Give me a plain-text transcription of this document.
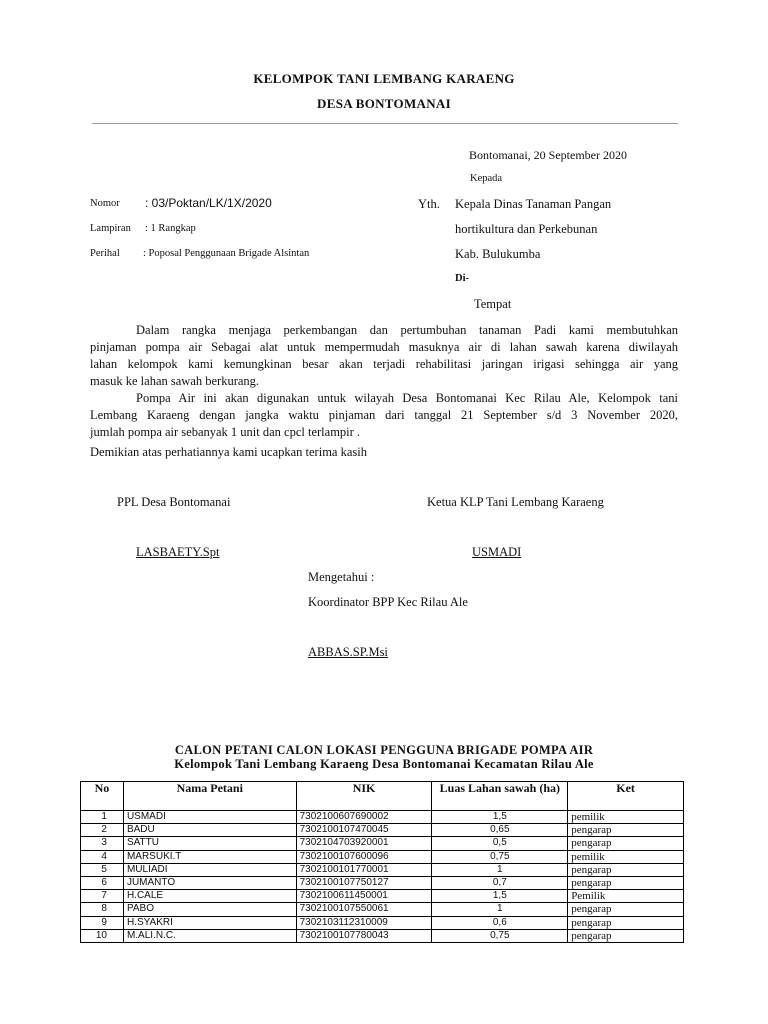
KELOMPOK TANI LEMBANG KARAENG
DESA BONTOMANAI
Bontomanai, 20 September 2020
Kepada
Nomor : 03/Poktan/LK/1X/2020
Lampiran : 1 Rangkap
Perihal : Poposal Penggunaan Brigade Alsintan
Yth. Kepala Dinas Tanaman Pangan
hortikultura dan Perkebunan
Kab. Bulukumba
Di-
Tempat
Dalam rangka menjaga perkembangan dan pertumbuhan tanaman Padi kami membutuhkan
pinjaman pompa air Sebagai alat untuk mempermudah masuknya air di lahan sawah karena diwilayah
lahan kelompok kami kemungkinan besar akan terjadi rehabilitasi jaringan irigasi sehingga air yang
masuk ke lahan sawah berkurang.
Pompa Air ini akan digunakan untuk wilayah Desa Bontomanai Kec Rilau Ale, Kelompok tani
Lembang Karaeng dengan jangka waktu pinjaman dari tanggal 21 September s/d 3 November 2020,
jumlah pompa air sebanyak 1 unit dan cpcl terlampir .
Demikian atas perhatiannya kami ucapkan terima kasih
PPL Desa Bontomanai	Ketua KLP Tani Lembang Karaeng
LASBAETY.Spt	USMADI
Mengetahui :
Koordinator BPP Kec Rilau Ale
ABBAS.SP.Msi
CALON PETANI CALON LOKASI PENGGUNA BRIGADE POMPA AIR
Kelompok Tani Lembang Karaeng Desa Bontomanai Kecamatan Rilau Ale
No	Nama Petani	NIK	Luas Lahan sawah (ha)	Ket
1	USMADI	7302100607690002	1,5	pemilik
2	BADU	7302100107470045	0,65	pengarap
3	SATTU	7302104703920001	0,5	pengarap
4	MARSUKI.T	7302100107600096	0,75	pemilik
5	MULIADI	7302100101770001	1	pengarap
6	JUMANTO	7302100107750127	0,7	pengarap
7	H.CALE	7302100611450001	1,5	Pemilik
8	PABO	7302100107550061	1	pengarap
9	H.SYAKRI	7302103112310009	0,6	pengarap
10	M.ALI.N.C.	7302100107780043	0,75	pengarap
